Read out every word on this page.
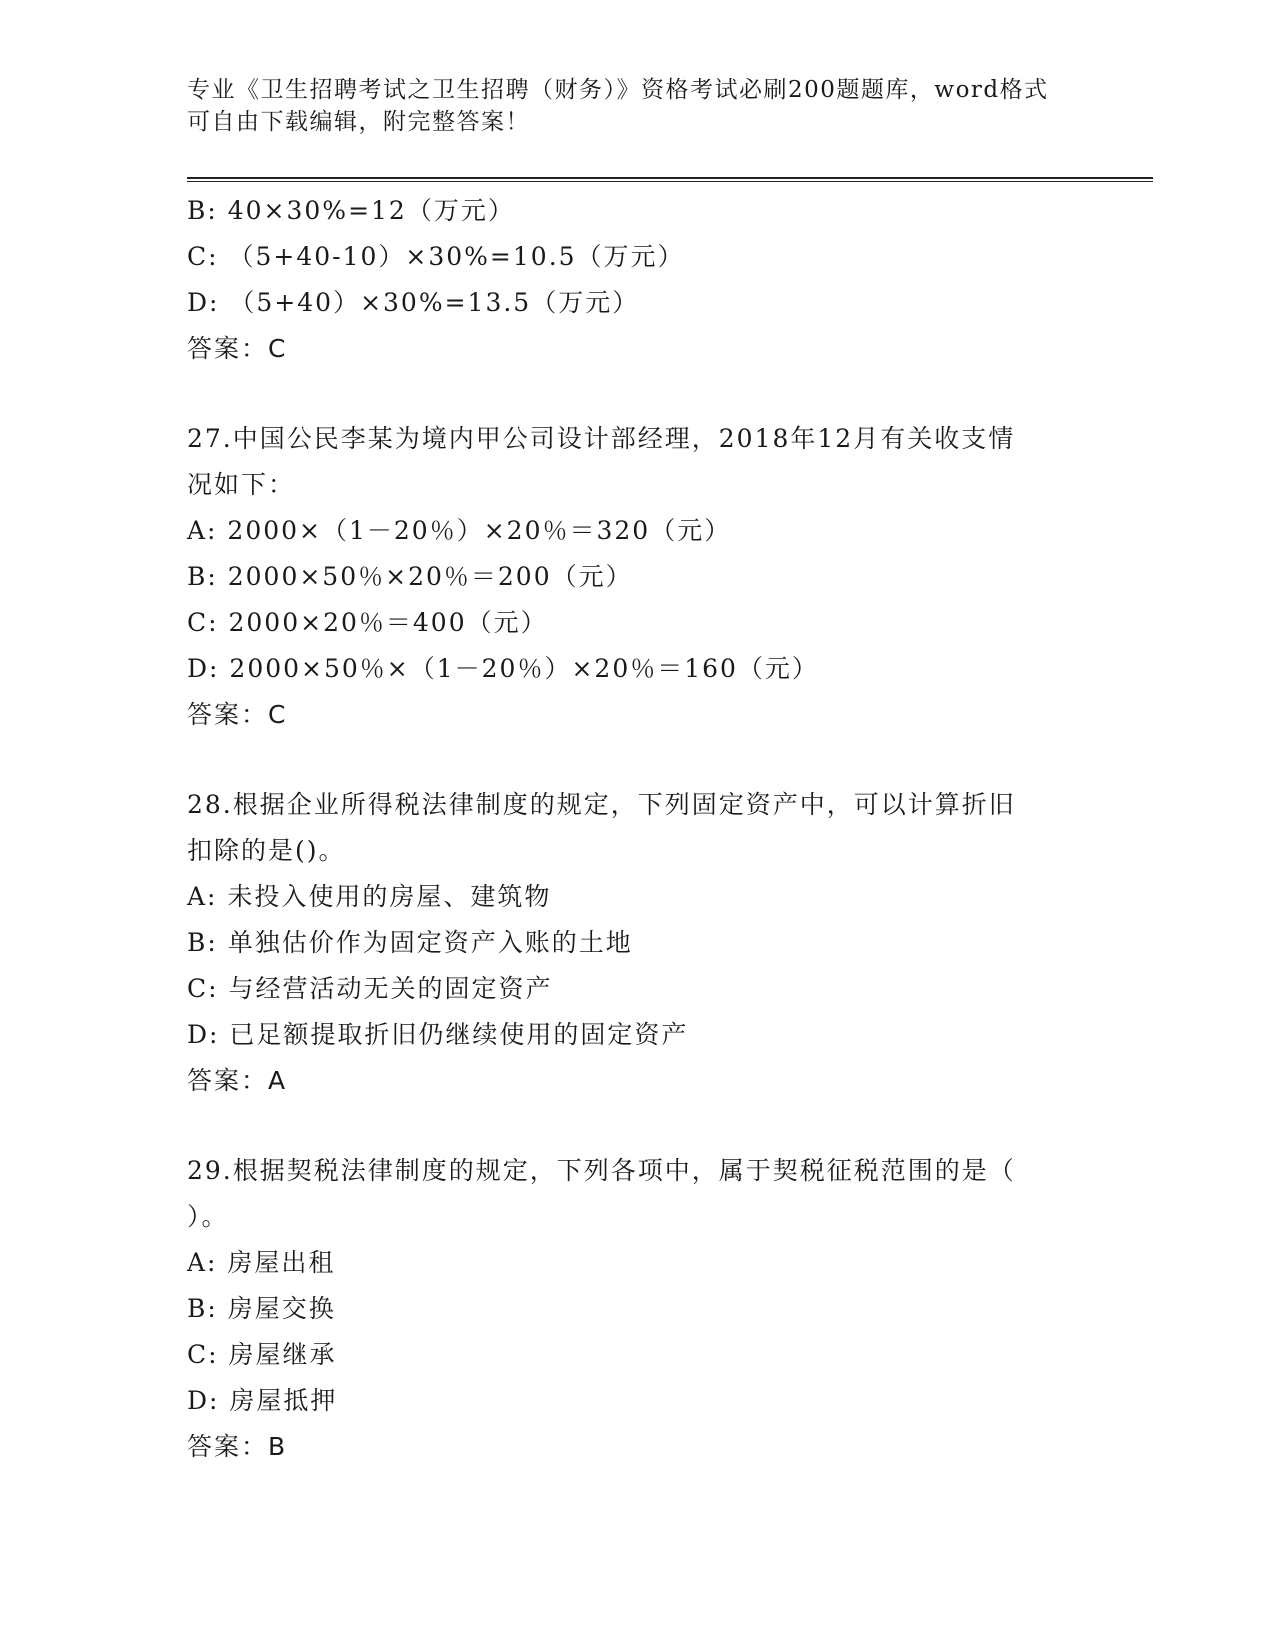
专业《卫生招聘考试之卫生招聘（财务）》资格考试必刷200题题库，word格式
可自由下载编辑，附完整答案！
B: 40×30%=12（万元）
C: （5+40-10）×30%=10.5（万元）
D: （5+40）×30%=13.5（万元）
答案：C
27.中国公民李某为境内甲公司设计部经理，2018年12月有关收支情
况如下：
A: 2000×（1－20％）×20％＝320（元）
B: 2000×50％×20％＝200（元）
C: 2000×20％＝400（元）
D: 2000×50％×（1－20％）×20％＝160（元）
答案：C
28.根据企业所得税法律制度的规定，下列固定资产中，可以计算折旧
扣除的是()。
A: 未投入使用的房屋、建筑物
B: 单独估价作为固定资产入账的土地
C: 与经营活动无关的固定资产
D: 已足额提取折旧仍继续使用的固定资产
答案：A
29.根据契税法律制度的规定，下列各项中，属于契税征税范围的是（
）。
A: 房屋出租
B: 房屋交换
C: 房屋继承
D: 房屋抵押
答案：B
